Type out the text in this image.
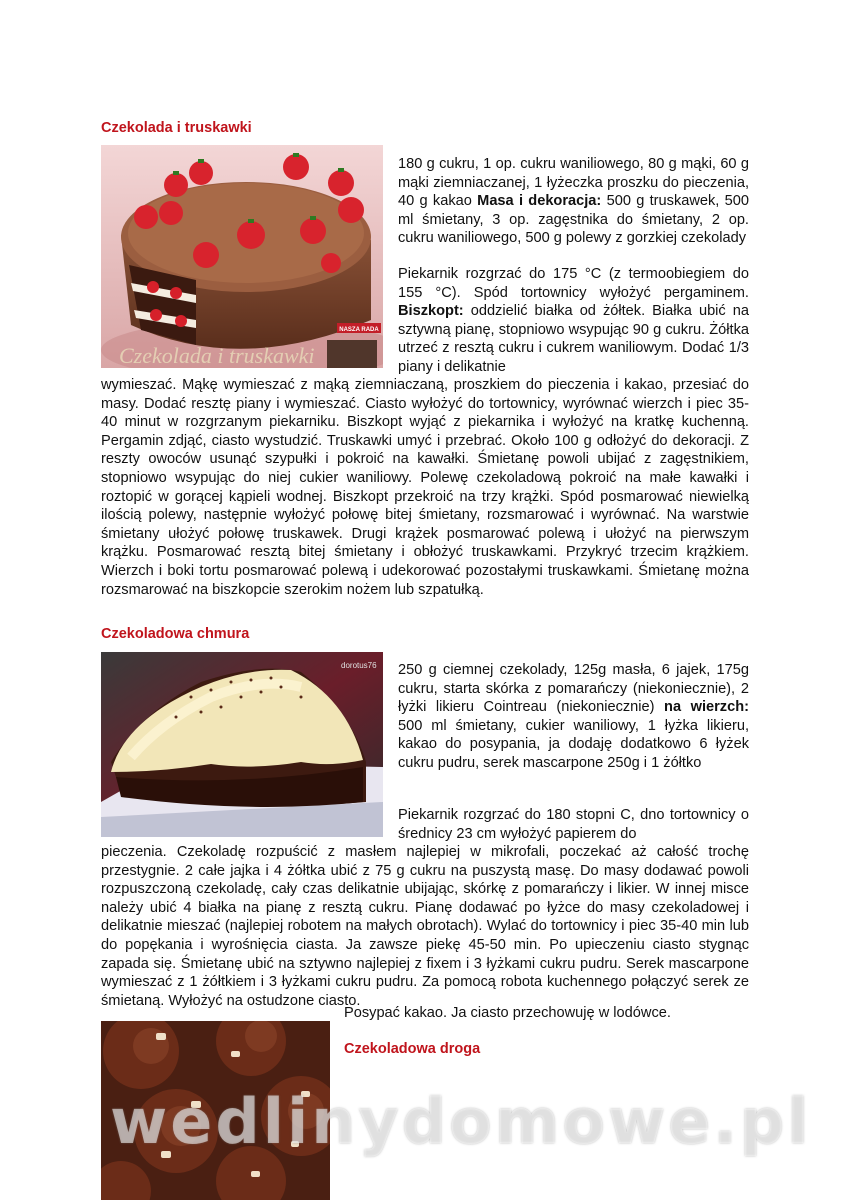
Czekolada i truskawki
NASZA RADA
Czekolada i truskawki

180 g cukru, 1 op. cukru waniliowego, 80 g mąki, 60 g mąki ziemniaczanej, 1 łyżeczka proszku do pieczenia, 40 g kakao Masa i dekoracja: 500 g truskawek, 500 ml śmietany, 3 op. zagęstnika do śmietany, 2 op. cukru waniliowego, 500 g polewy z gorzkiej czekolady

Piekarnik rozgrzać do 175 °C (z termoobiegiem do 155 °C). Spód tortownicy wyłożyć pergaminem. Biszkopt: oddzielić białka od żółtek. Białka ubić na sztywną pianę, stopniowo wsypując 90 g cukru. Żółtka utrzeć z resztą cukru i cukrem waniliowym. Dodać 1/3 piany i delikatnie

wymieszać. Mąkę wymieszać z mąką ziemniaczaną, proszkiem do pieczenia i kakao, przesiać do masy. Dodać resztę piany i wymieszać. Ciasto wyłożyć do tortownicy, wyrównać wierzch i piec 35-40 minut w rozgrzanym piekarniku. Biszkopt wyjąć z piekarnika i wyłożyć na kratkę kuchenną. Pergamin zdjąć, ciasto wystudzić. Truskawki umyć i przebrać. Około 100 g odłożyć do dekoracji. Z reszty owoców usunąć szypułki i pokroić na kawałki. Śmietanę powoli ubijać z zagęstnikiem, stopniowo wsypując do niej cukier waniliowy. Polewę czekoladową pokroić na małe kawałki i roztopić w gorącej kąpieli wodnej. Biszkopt przekroić na trzy krążki. Spód posmarować niewielką ilością polewy, następnie wyłożyć połowę bitej śmietany, rozsmarować i wyrównać. Na warstwie śmietany ułożyć połowę truskawek. Drugi krążek posmarować polewą i ułożyć na pierwszym krążku. Posmarować resztą bitej śmietany i obłożyć truskawkami. Przykryć trzecim krążkiem. Wierzch i boki tortu posmarować polewą i udekorować pozostałymi truskawkami. Śmietanę można rozsmarować na biszkopcie szerokim nożem lub szpatułką.

Czekoladowa chmura
dorotus76 250 g ciemnej czekolady, 125g masła, 6 jajek, 175g cukru, starta skórka z pomarańczy (niekoniecznie), 2 łyżki likieru Cointreau (niekoniecznie) na wierzch: 500 ml śmietany, cukier waniliowy, 1 łyżka likieru, kakao do posypania, ja dodaję dodatkowo 6 łyżek cukru pudru, serek mascarpone 250g i 1 żółtko

Piekarnik rozgrzać do 180 stopni C, dno tortownicy o średnicy 23 cm wyłożyć papierem do

pieczenia. Czekoladę rozpuścić z masłem najlepiej w mikrofali, poczekać aż całość trochę przestygnie. 2 całe jajka i 4 żółtka ubić z 75 g cukru na puszystą masę. Do masy dodawać powoli rozpuszczoną czekoladę, cały czas delikatnie ubijając, skórkę z pomarańczy i likier. W innej misce należy ubić 4 białka na pianę z resztą cukru. Pianę dodawać po łyżce do masy czekoladowej i delikatnie mieszać (najlepiej robotem na małych obrotach). Wylać do tortownicy i piec 35-40 min lub do popękania i wyrośnięcia ciasta. Ja zawsze piekę 45-50 min. Po upieczeniu ciasto stygnąc zapada się. Śmietanę ubić na sztywno najlepiej z fixem i 3 łyżkami cukru pudru. Serek mascarpone wymieszać z 1 żółtkiem i 3 łyżkami cukru pudru. Za pomocą robota kuchennego połączyć serek ze śmietaną. Wyłożyć na ostudzone ciasto.

Posypać kakao. Ja ciasto przechowuję w lodówce.

Czekoladowa droga
wedlinydomowe.pl
